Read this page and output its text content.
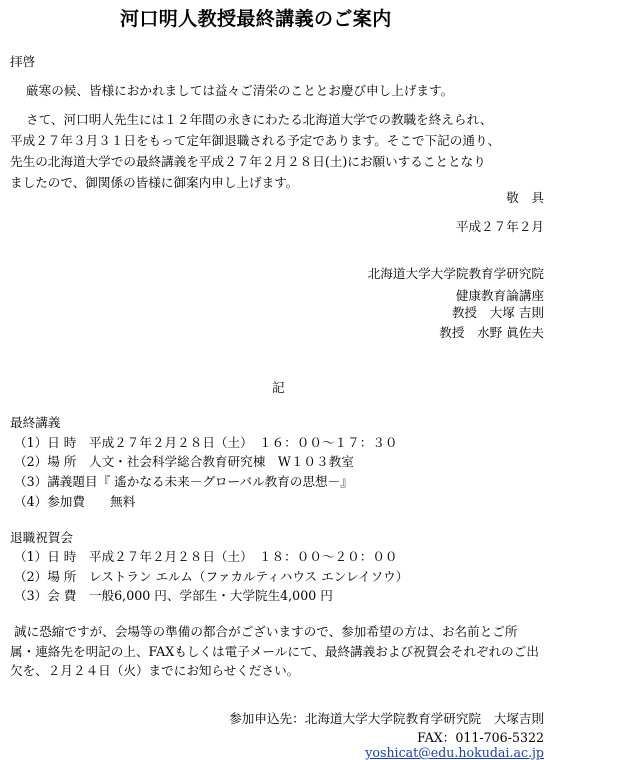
河口明人教授最終講義のご案内

拝啓

厳寒の候、皆様におかれましては益々ご清栄のこととお慶び申し上げます。

さて、河口明人先生には１２年間の永きにわたる北海道大学での教職を終えられ、

平成２７年３月３１日をもって定年御退職される予定であります。そこで下記の通り、

先生の北海道大学での最終講義を平成２７年２月２８日(土)にお願いすることとなり

ましたので、御関係の皆様に御案内申し上げます。

敬　具

平成２７年２月

北海道大学大学院教育学研究院

健康教育論講座

教授　大塚 吉則

教授　水野 眞佐夫

記

最終講義

（1）日 時　平成２７年２月２８日（土）　１６：００～１７：３０

（2）場 所　人文・社会科学総合教育研究棟　W１０３教室

（3）講義題目『 遙かなる未来－グローバル教育の思想－』

（4）参加費　　無料

退職祝賀会

（1）日 時　平成２７年２月２８日（土）　１８：００～２０：００

（2）場 所　レストラン エルム（ファカルティハウス エンレイソウ）

（3）会 費　一般6,000 円、学部生・大学院生4,000 円

誠に恐縮ですが、会場等の準備の都合がございますので、参加希望の方は、お名前とご所

属・連絡先を明記の上、FAXもしくは電子メールにて、最終講義および祝賀会それぞれのご出

欠を、２月２４日（火）までにお知らせください。

参加申込先：北海道大学大学院教育学研究院　大塚吉則

FAX：011-706-5322

yoshicat@edu.hokudai.ac.jp
